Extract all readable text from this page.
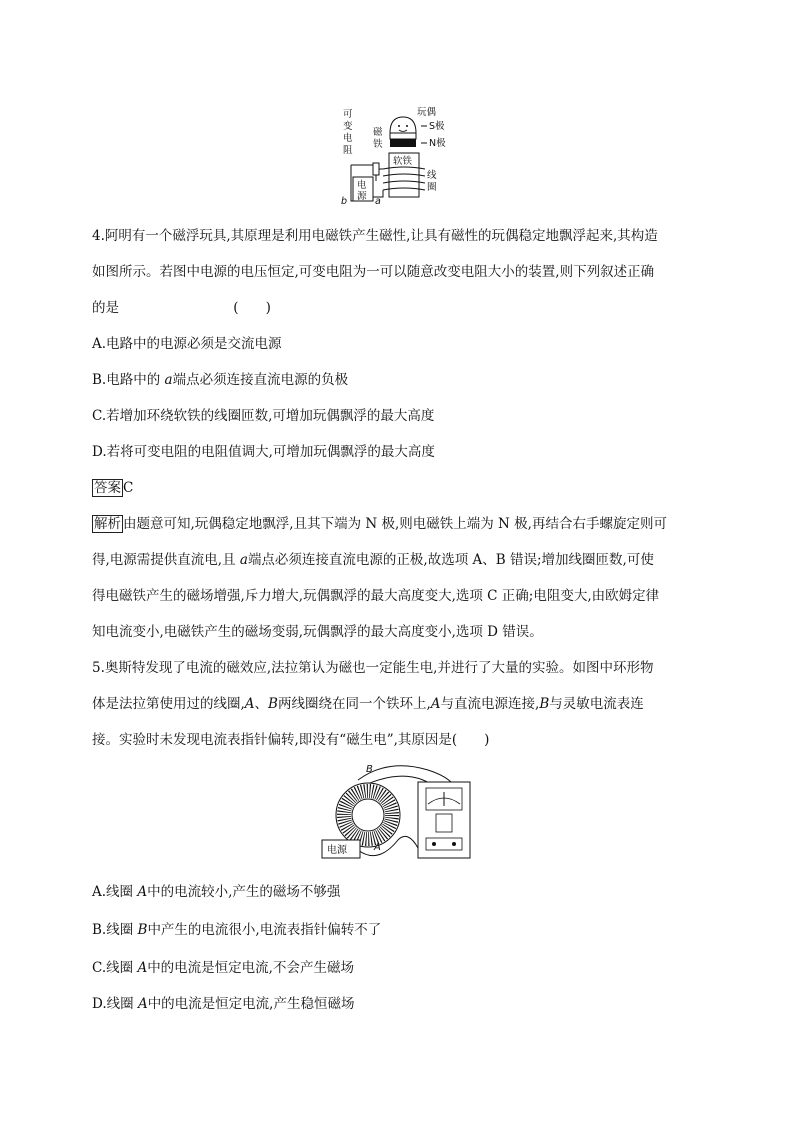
可
变
电
阻
磁
铁
玩偶
S极
N极
软铁
线
圈
电
源
b	a
4.阿明有一个磁浮玩具,其原理是利用电磁铁产生磁性,让具有磁性的玩偶稳定地飘浮起来,其构造
如图所示。若图中电源的电压恒定,可变电阻为一可以随意改变电阻大小的装置,则下列叙述正确
的是	(　　)
A.电路中的电源必须是交流电源
B.电路中的 a端点必须连接直流电源的负极
C.若增加环绕软铁的线圈匝数,可增加玩偶飘浮的最大高度
D.若将可变电阻的电阻值调大,可增加玩偶飘浮的最大高度
答案 C
解析 由题意可知,玩偶稳定地飘浮,且其下端为 N 极,则电磁铁上端为 N 极,再结合右手螺旋定则可
得,电源需提供直流电,且 a端点必须连接直流电源的正极,故选项 A、B 错误;增加线圈匝数,可使
得电磁铁产生的磁场增强,斥力增大,玩偶飘浮的最大高度变大,选项 C 正确;电阻变大,由欧姆定律
知电流变小,电磁铁产生的磁场变弱,玩偶飘浮的最大高度变小,选项 D 错误。
5.奥斯特发现了电流的磁效应,法拉第认为磁也一定能生电,并进行了大量的实验。如图中环形物
体是法拉第使用过的线圈,A、B两线圈绕在同一个铁环上,A与直流电源连接,B与灵敏电流表连
接。实验时未发现电流表指针偏转,即没有“磁生电”,其原因是(　　)
B
A
电源
A.线圈 A中的电流较小,产生的磁场不够强
B.线圈 B中产生的电流很小,电流表指针偏转不了
C.线圈 A中的电流是恒定电流,不会产生磁场
D.线圈 A中的电流是恒定电流,产生稳恒磁场
